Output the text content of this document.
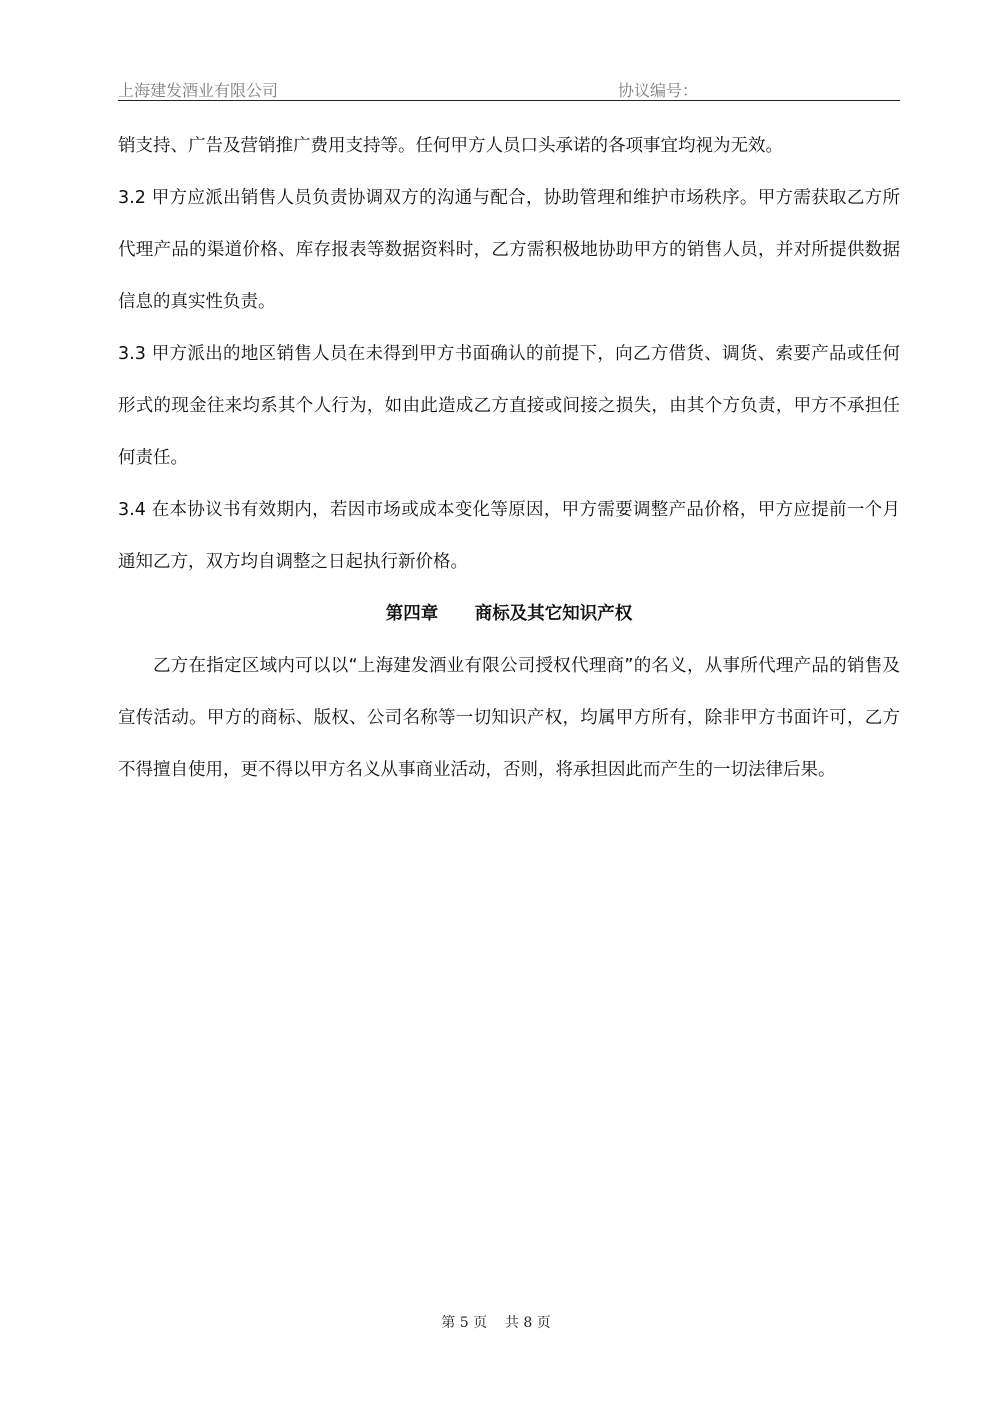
上海建发酒业有限公司	协议编号：

销支持、广告及营销推广费用支持等。任何甲方人员口头承诺的各项事宜均视为无效。

3.2 甲方应派出销售人员负责协调双方的沟通与配合，协助管理和维护市场秩序。甲方需获取乙方所代理产品的渠道价格、库存报表等数据资料时，乙方需积极地协助甲方的销售人员，并对所提供数据信息的真实性负责。

3.3 甲方派出的地区销售人员在未得到甲方书面确认的前提下，向乙方借货、调货、索要产品或任何形式的现金往来均系其个人行为，如由此造成乙方直接或间接之损失，由其个方负责，甲方不承担任何责任。

3.4 在本协议书有效期内，若因市场或成本变化等原因，甲方需要调整产品价格，甲方应提前一个月通知乙方，双方均自调整之日起执行新价格。

第四章      商标及其它知识产权

乙方在指定区域内可以以“上海建发酒业有限公司授权代理商”的名义，从事所代理产品的销售及宣传活动。甲方的商标、版权、公司名称等一切知识产权，均属甲方所有，除非甲方书面许可，乙方不得擅自使用，更不得以甲方名义从事商业活动，否则，将承担因此而产生的一切法律后果。

第 5 页    共 8 页
